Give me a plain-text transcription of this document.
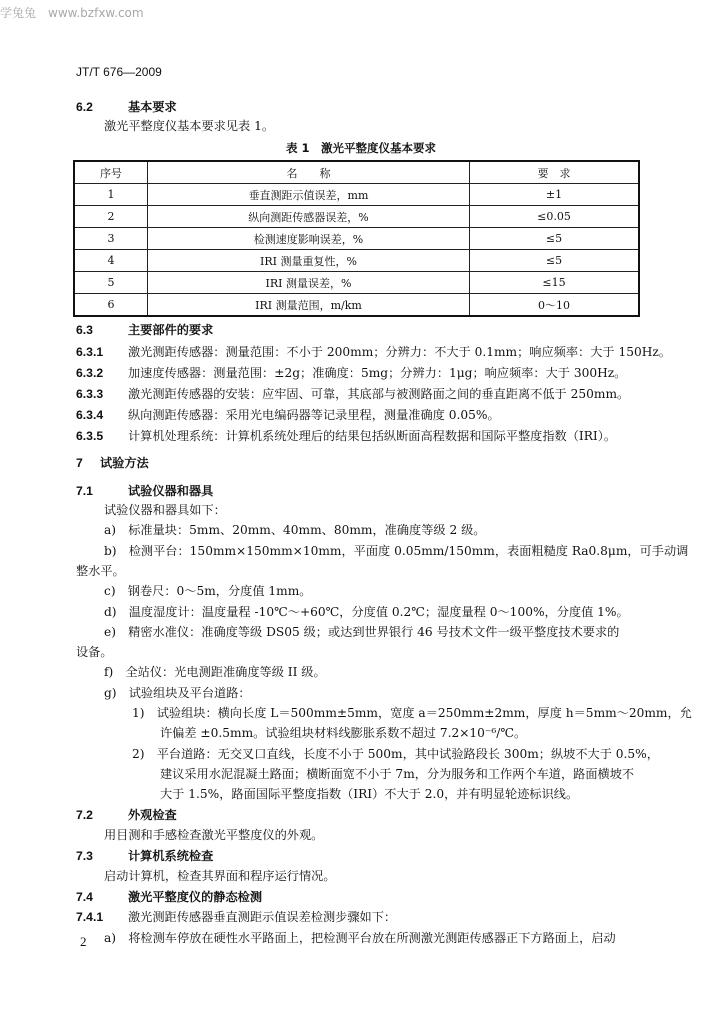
学兔兔 www.bzfxw.com
JT/T 676—2009
6.2	基本要求
激光平整度仪基本要求见表 1。
表 1　激光平整度仪基本要求
序号	名　　称	要　求
1	垂直测距示值误差，mm	±1
2	纵向测距传感器误差，%	≤0.05
3	检测速度影响误差，%	≤5
4	IRI 测量重复性，%	≤5
5	IRI 测量误差，%	≤15
6	IRI 测量范围，m/km	0～10
6.3	主要部件的要求
6.3.1 激光测距传感器：测量范围：不小于 200mm；分辨力：不大于 0.1mm；响应频率：大于 150Hz。
6.3.2 加速度传感器：测量范围：±2g；准确度：5mg；分辨力：1μg；响应频率：大于 300Hz。
6.3.3 激光测距传感器的安装：应牢固、可靠，其底部与被测路面之间的垂直距离不低于 250mm。
6.3.4 纵向测距传感器：采用光电编码器等记录里程，测量准确度 0.05%。
6.3.5 计算机处理系统：计算机系统处理后的结果包括纵断面高程数据和国际平整度指数（IRI）。
7 试验方法
7.1	试验仪器和器具
试验仪器和器具如下：
a)　标准量块：5mm、20mm、40mm、80mm，准确度等级 2 级。
b)　检测平台：150mm×150mm×10mm，平面度 0.05mm/150mm，表面粗糙度 Ra0.8μm，可手动调
整水平。
c)　钢卷尺：0～5m，分度值 1mm。
d)　温度湿度计：温度量程 -10℃～+60℃，分度值 0.2℃；湿度量程 0～100%，分度值 1%。
e)　精密水准仪：准确度等级 DS05 级；或达到世界银行 46 号技术文件一级平整度技术要求的
设备。
f)　全站仪：光电测距准确度等级 II 级。
g)　试验组块及平台道路：
1)　试验组块：横向长度 L＝500mm±5mm，宽度 a＝250mm±2mm，厚度 h＝5mm～20mm，允
许偏差 ±0.5mm。试验组块材料线膨胀系数不超过 7.2×10⁻⁶/℃。
2)　平台道路：无交叉口直线，长度不小于 500m，其中试验路段长 300m；纵坡不大于 0.5%，
建议采用水泥混凝土路面；横断面宽不小于 7m，分为服务和工作两个车道，路面横坡不
大于 1.5%，路面国际平整度指数（IRI）不大于 2.0，并有明显轮迹标识线。
7.2	外观检查
用目测和手感检查激光平整度仪的外观。
7.3	计算机系统检查
启动计算机，检查其界面和程序运行情况。
7.4	激光平整度仪的静态检测
7.4.1 激光测距传感器垂直测距示值误差检测步骤如下：
a)　将检测车停放在硬性水平路面上，把检测平台放在所测激光测距传感器正下方路面上，启动
2
